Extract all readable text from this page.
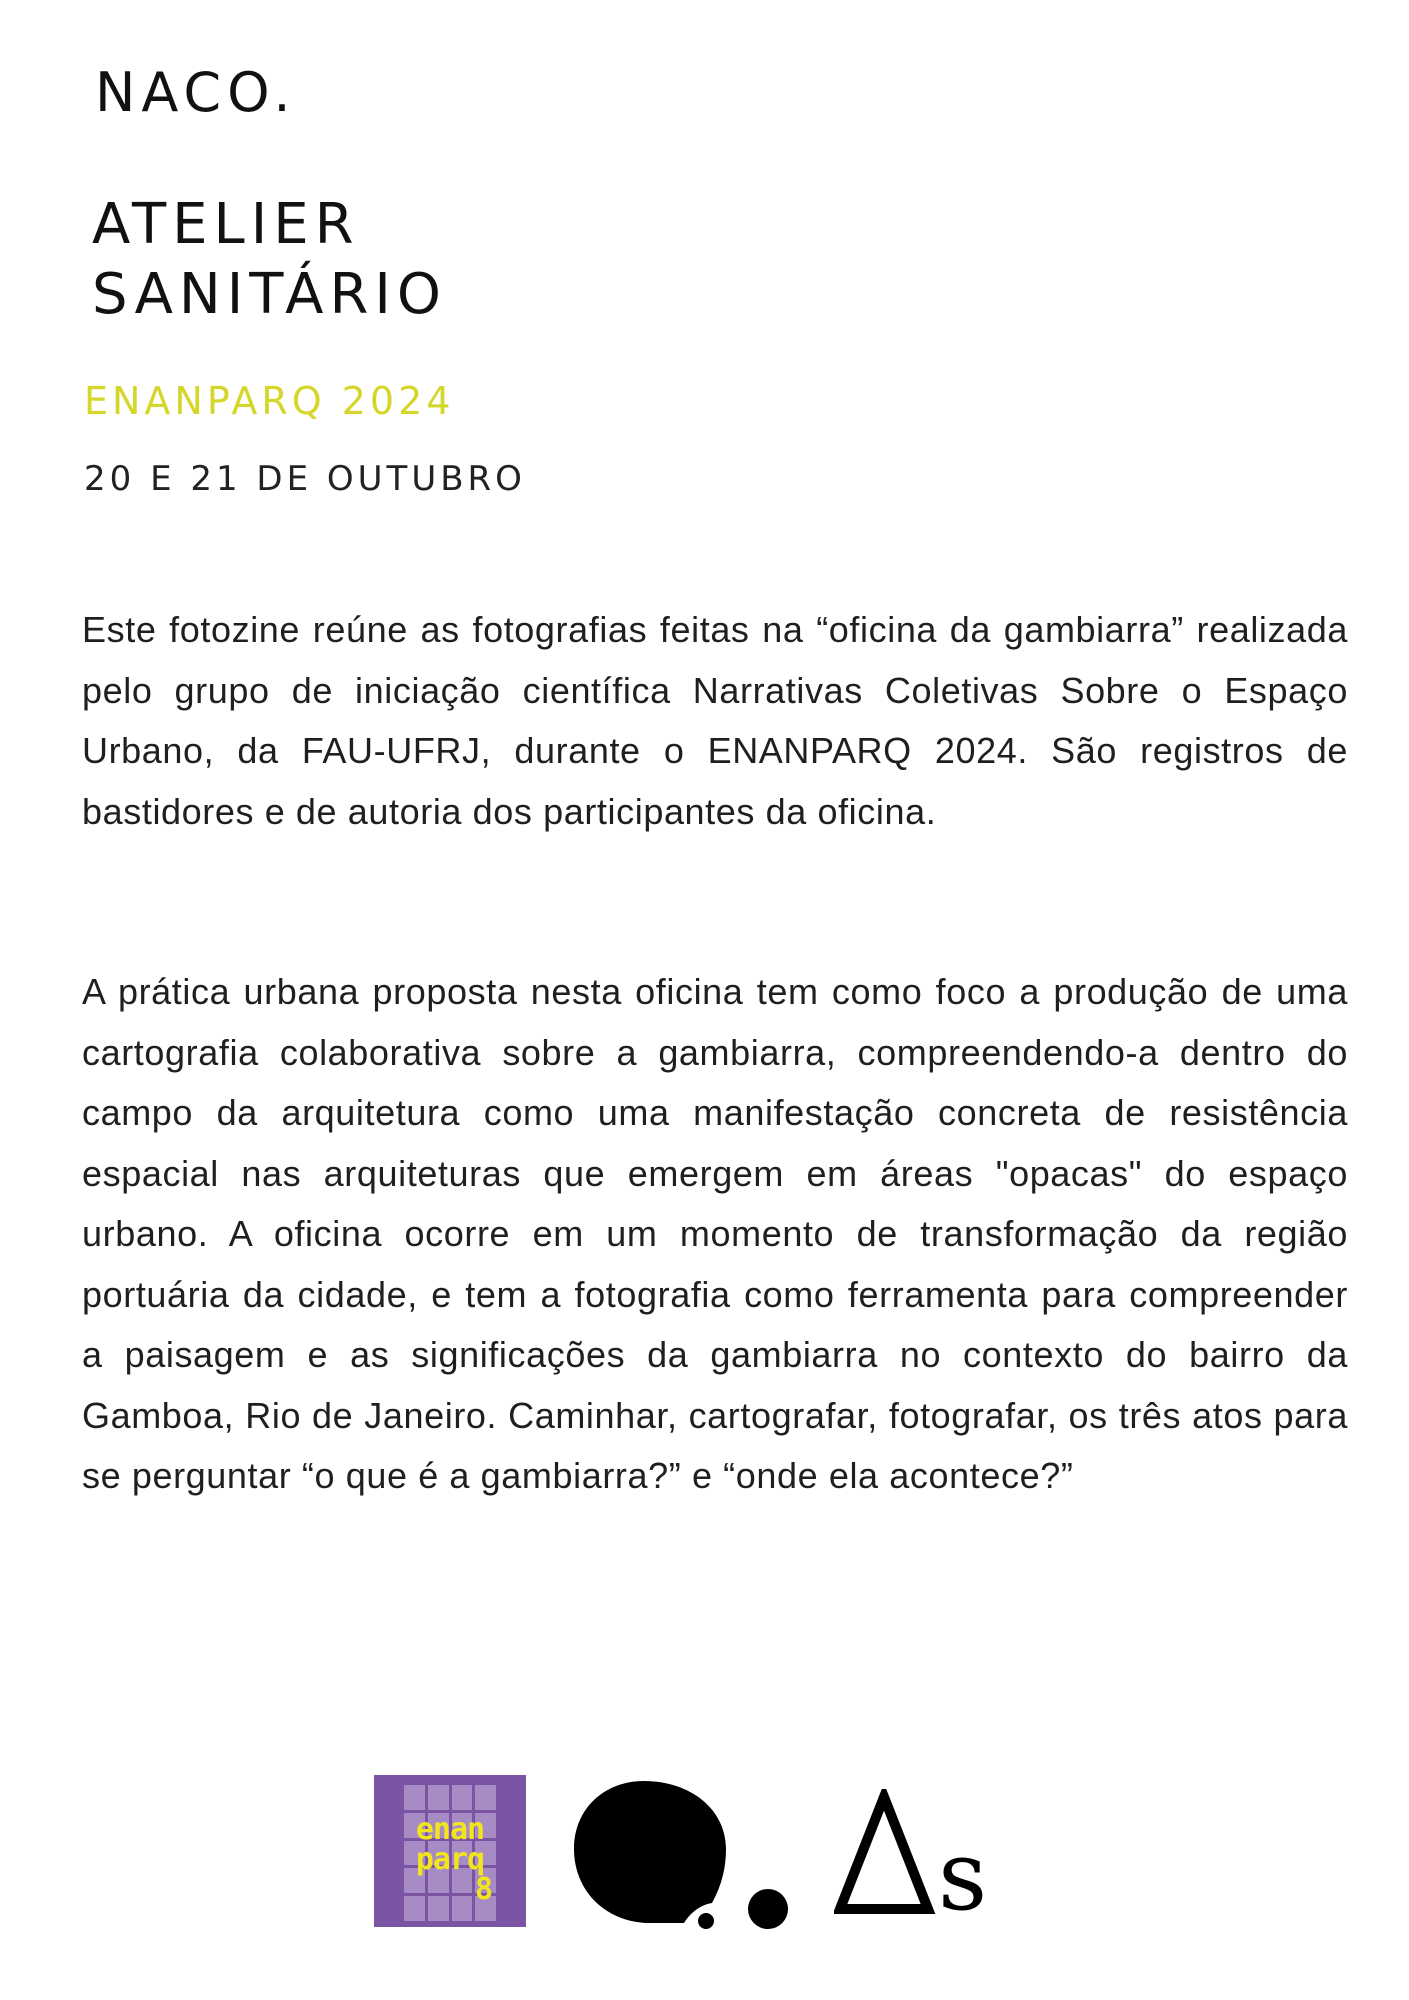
NACO.
ATELIER
SANITÁRIO
ENANPARQ 2024
20 E 21 DE OUTUBRO

Este fotozine reúne as fotografias feitas na “oficina da gambiarra” realizada pelo grupo de iniciação científica Narrativas Coletivas Sobre o Espaço Urbano, da FAU-UFRJ, durante o ENANPARQ 2024. São registros de bastidores e de autoria dos participantes da oficina.

A prática urbana proposta nesta oficina tem como foco a produção de uma cartografia colaborativa sobre a gambiarra, compreendendo-a dentro do campo da arquitetura como uma manifestação concreta de resistência espacial nas arquiteturas que emergem em áreas "opacas" do espaço urbano. A oficina ocorre em um momento de transformação da região portuária da cidade, e tem a fotografia como ferramenta para compreender a paisagem e as significações da gambiarra no contexto do bairro da Gamboa, Rio de Janeiro. Caminhar, cartografar, fotografar, os três atos para se perguntar “o que é a gambiarra?” e “onde ela acontece?”

enan
parq
8	s
